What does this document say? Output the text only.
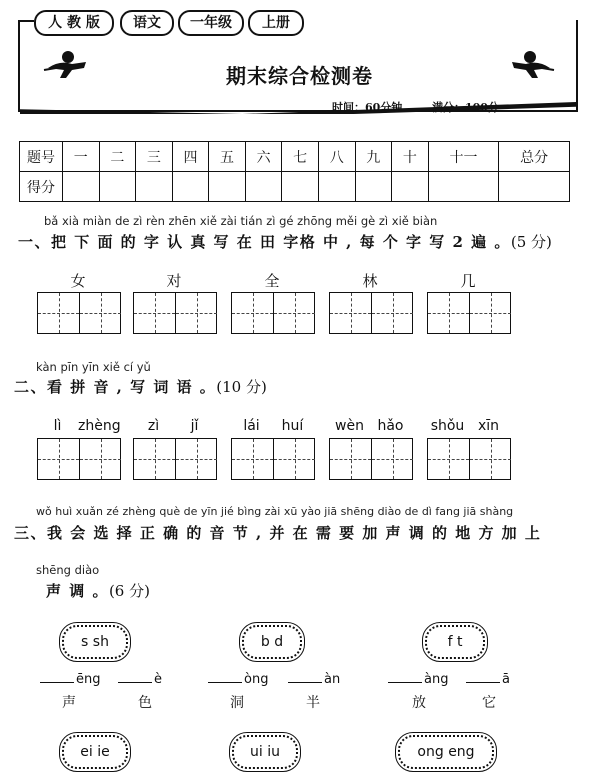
人 教 版	语文	一年级	上册
期末综合检测卷
时间：60分钟	满分：100分
题号	一	二	三	四	五	六	七	八	九	十	十一	总分
得分												
bǎ xià miàn de zì rèn zhēn xiě zài tián zì gé zhōng měi gè zì xiě biàn
一、把 下 面 的 字 认 真 写 在 田 字格 中 , 每 个 字 写 2 遍 。(5 分)
女	对	全	林	几
kàn pīn yīn xiě cí yǔ
二、看 拼 音 , 写 词 语 。(10 分)
lì	zhèng	zì	jǐ	lái	huí	wèn hǎo	shǒu xīn
wǒ huì xuǎn zé zhèng què de yīn jié bìng zài xū yào jiā shēng diào de dì fang jiā shàng
三、我 会 选 择 正 确 的 音 节 , 并 在 需 要 加 声 调 的 地 方 加 上
shēng diào
声 调 。(6 分)
s sh	b d	f t
ēng	è	òng	àn	àng	ā
声	色	洞	半	放	它
ei ie	ui iu	ong eng
